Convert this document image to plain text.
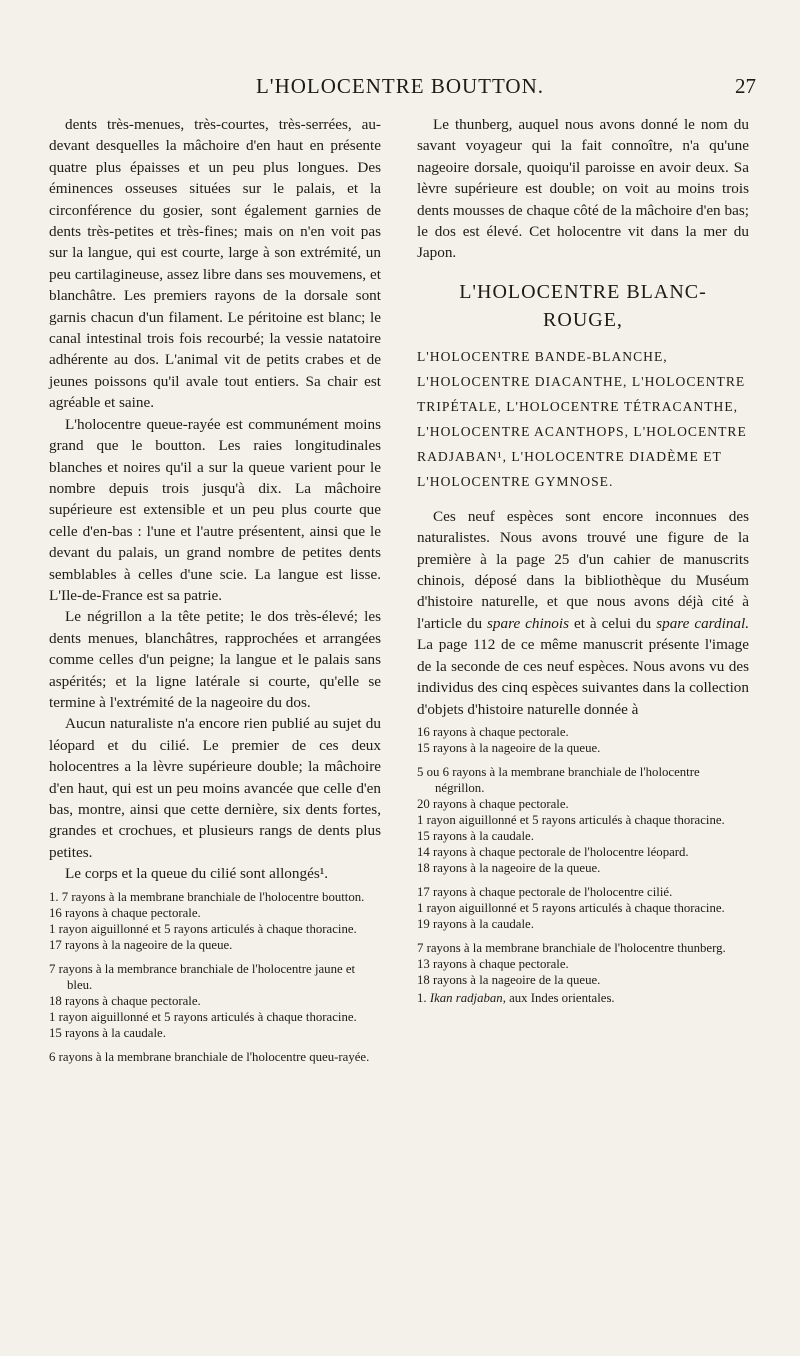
L'HOLOCENTRE BOUTTON.	27

dents très-menues, très-courtes, très-serrées, au-devant desquelles la mâchoire d'en haut en présente quatre plus épaisses et un peu plus longues. Des éminences osseuses situées sur le palais, et la circonférence du gosier, sont également garnies de dents très-petites et très-fines; mais on n'en voit pas sur la langue, qui est courte, large à son extrémité, un peu cartilagineuse, assez libre dans ses mouvemens, et blanchâtre. Les premiers rayons de la dorsale sont garnis chacun d'un filament. Le péritoine est blanc; le canal intestinal trois fois recourbé; la vessie natatoire adhérente au dos. L'animal vit de petits crabes et de jeunes poissons qu'il avale tout entiers. Sa chair est agréable et saine.

L'holocentre queue-rayée est communément moins grand que le boutton. Les raies longitudinales blanches et noires qu'il a sur la queue varient pour le nombre depuis trois jusqu'à dix. La mâchoire supérieure est extensible et un peu plus courte que celle d'en-bas : l'une et l'autre présentent, ainsi que le devant du palais, un grand nombre de petites dents semblables à celles d'une scie. La langue est lisse. L'Ile-de-France est sa patrie.

Le négrillon a la tête petite; le dos très-élevé; les dents menues, blanchâtres, rapprochées et arrangées comme celles d'un peigne; la langue et le palais sans aspérités; et la ligne latérale si courte, qu'elle se termine à l'extrémité de la nageoire du dos.

Aucun naturaliste n'a encore rien publié au sujet du léopard et du cilié. Le premier de ces deux holocentres a la lèvre supérieure double; la mâchoire d'en haut, qui est un peu moins avancée que celle d'en bas, montre, ainsi que cette dernière, six dents fortes, grandes et crochues, et plusieurs rangs de dents plus petites.

Le corps et la queue du cilié sont allongés¹.

1. 7 rayons à la membrane branchiale de l'holocentre boutton.
16 rayons à chaque pectorale.
1 rayon aiguillonné et 5 rayons articulés à chaque thoracine.
17 rayons à la nageoire de la queue.
7 rayons à la membrance branchiale de l'holocentre jaune et bleu.
18 rayons à chaque pectorale.
1 rayon aiguillonné et 5 rayons articulés à chaque thoracine.
15 rayons à la caudale.
6 rayons à la membrane branchiale de l'holocentre queu-rayée.

Le thunberg, auquel nous avons donné le nom du savant voyageur qui la fait connoître, n'a qu'une nageoire dorsale, quoiqu'il paroisse en avoir deux. Sa lèvre supérieure est double; on voit au moins trois dents mousses de chaque côté de la mâchoire d'en bas; le dos est élevé. Cet holocentre vit dans la mer du Japon.

L'HOLOCENTRE BLANC-
ROUGE,
L'HOLOCENTRE BANDE-BLANCHE, L'HOLOCENTRE DIACANTHE, L'HOLOCENTRE TRIPÉTALE, L'HOLOCENTRE TÉTRACANTHE, L'HOLOCENTRE ACANTHOPS, L'HOLOCENTRE RADJABAN¹, L'HOLOCENTRE DIADÈME ET L'HOLOCENTRE GYMNOSE.

Ces neuf espèces sont encore inconnues des naturalistes. Nous avons trouvé une figure de la première à la page 25 d'un cahier de manuscrits chinois, déposé dans la bibliothèque du Muséum d'histoire naturelle, et que nous avons déjà cité à l'article du spare chinois et à celui du spare cardinal. La page 112 de ce même manuscrit présente l'image de la seconde de ces neuf espèces. Nous avons vu des individus des cinq espèces suivantes dans la collection d'objets d'histoire naturelle donnée à

16 rayons à chaque pectorale.
15 rayons à la nageoire de la queue.
5 ou 6 rayons à la membrane branchiale de l'holocentre négrillon.
20 rayons à chaque pectorale.
1 rayon aiguillonné et 5 rayons articulés à chaque thoracine.
15 rayons à la caudale.
14 rayons à chaque pectorale de l'holocentre léopard.
18 rayons à la nageoire de la queue.
17 rayons à chaque pectorale de l'holocentre cilié.
1 rayon aiguillonné et 5 rayons articulés à chaque thoracine.
19 rayons à la caudale.
7 rayons à la membrane branchiale de l'holocentre thunberg.
13 rayons à chaque pectorale.
18 rayons à la nageoire de la queue.
1. Ikan radjaban, aux Indes orientales.
